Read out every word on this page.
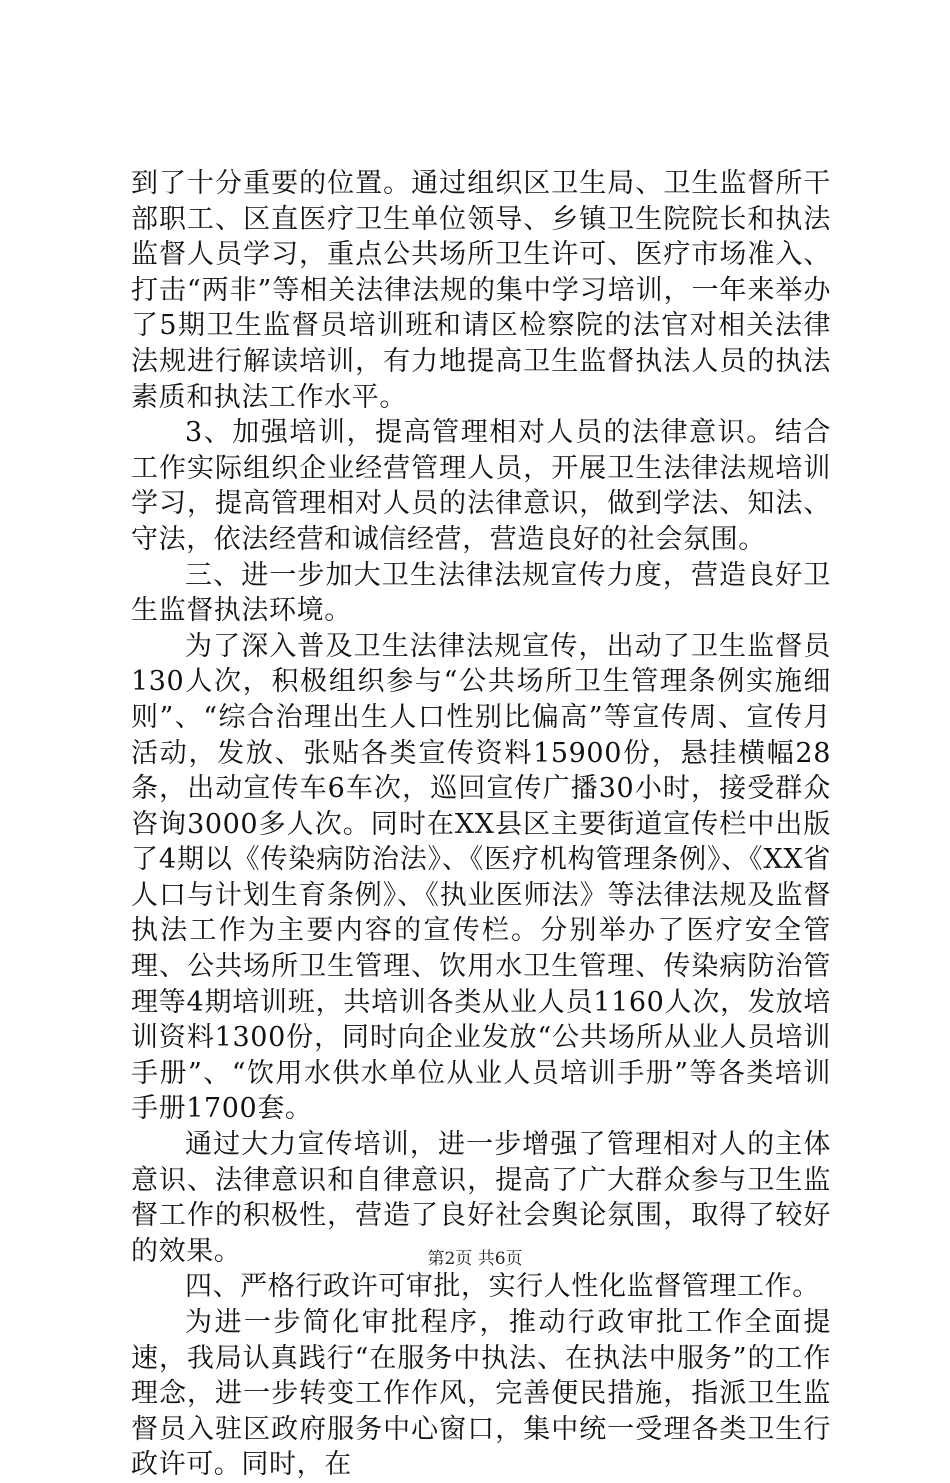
到了十分重要的位置。通过组织区卫生局、卫生监督所干部职工、区直医疗卫生单位领导、乡镇卫生院院长和执法监督人员学习，重点公共场所卫生许可、医疗市场准入、打击“两非”等相关法律法规的集中学习培训，一年来举办了5期卫生监督员培训班和请区检察院的法官对相关法律法规进行解读培训，有力地提高卫生监督执法人员的执法素质和执法工作水平。

3、加强培训，提高管理相对人员的法律意识。结合工作实际组织企业经营管理人员，开展卫生法律法规培训学习，提高管理相对人员的法律意识，做到学法、知法、守法，依法经营和诚信经营，营造良好的社会氛围。

三、进一步加大卫生法律法规宣传力度，营造良好卫生监督执法环境。

为了深入普及卫生法律法规宣传，出动了卫生监督员130人次，积极组织参与“公共场所卫生管理条例实施细则”、“综合治理出生人口性别比偏高”等宣传周、宣传月活动，发放、张贴各类宣传资料15900份，悬挂横幅28条，出动宣传车6车次，巡回宣传广播30小时，接受群众咨询3000多人次。同时在XX县区主要街道宣传栏中出版了4期以《传染病防治法》、《医疗机构管理条例》、《XX省人口与计划生育条例》、《执业医师法》等法律法规及监督执法工作为主要内容的宣传栏。分别举办了医疗安全管理、公共场所卫生管理、饮用水卫生管理、传染病防治管理等4期培训班，共培训各类从业人员1160人次，发放培训资料1300份，同时向企业发放“公共场所从业人员培训手册”、“饮用水供水单位从业人员培训手册”等各类培训手册1700套。

通过大力宣传培训，进一步增强了管理相对人的主体意识、法律意识和自律意识，提高了广大群众参与卫生监督工作的积极性，营造了良好社会舆论氛围，取得了较好的效果。

四、严格行政许可审批，实行人性化监督管理工作。

为进一步简化审批程序，推动行政审批工作全面提速，我局认真践行“在服务中执法、在执法中服务”的工作理念，进一步转变工作作风，完善便民措施，指派卫生监督员入驻区政府服务中心窗口，集中统一受理各类卫生行政许可。同时，在

第2页 共6页
